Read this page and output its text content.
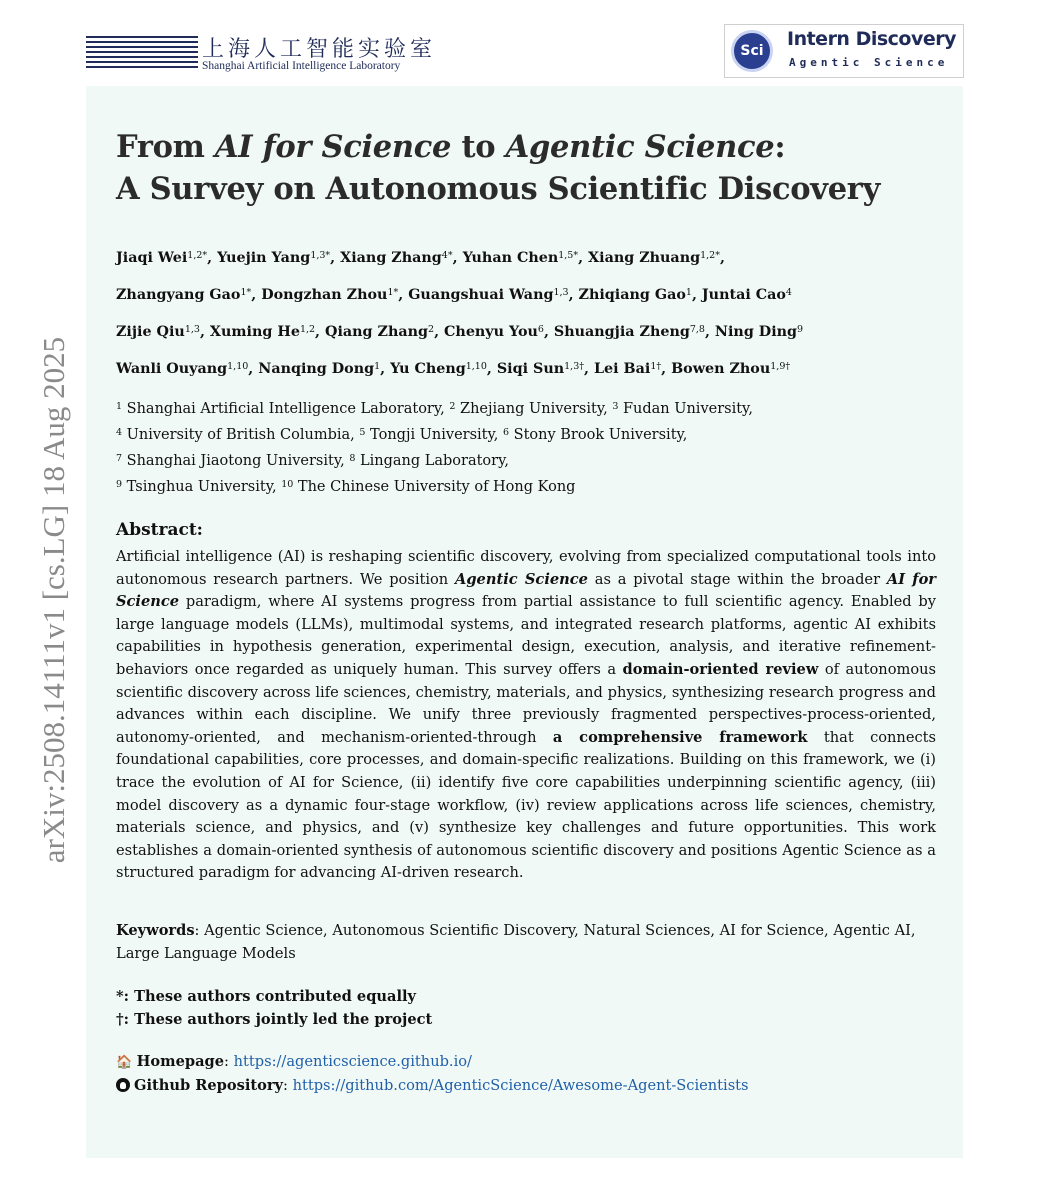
上海人工智能实验室
Shanghai Artificial Intelligence Laboratory
Sci
Intern Discovery
Agentic Science
arXiv:2508.14111v1 [cs.LG] 18 Aug 2025
From AI for Science to Agentic Science:
A Survey on Autonomous Scientific Discovery
Jiaqi Wei$^{1,2*}$, Yuejin Yang$^{1,3*}$, Xiang Zhang$^{4*}$, Yuhan Chen$^{1,5*}$, Xiang Zhuang$^{1,2*}$,
Zhangyang Gao$^{1*}$, Dongzhan Zhou$^{1*}$, Guangshuai Wang$^{1,3}$, Zhiqiang Gao$^1$, Juntai Cao$^4$
Zijie Qiu$^{1,3}$, Xuming He$^{1,2}$, Qiang Zhang$^2$, Chenyu You$^6$, Shuangjia Zheng$^{7,8}$, Ning Ding$^9$
Wanli Ouyang$^{1,10}$, Nanqing Dong$^1$, Yu Cheng$^{1,10}$, Siqi Sun$^{1,3\dagger}$, Lei Bai$^{1\dagger}$, Bowen Zhou$^{1,9\dagger}$
$^1$ Shanghai Artificial Intelligence Laboratory, $^2$ Zhejiang University, $^3$ Fudan University,
$^4$ University of British Columbia, $^5$ Tongji University, $^6$ Stony Brook University,
$^7$ Shanghai Jiaotong University, $^8$ Lingang Laboratory,
$^9$ Tsinghua University, $^{10}$ The Chinese University of Hong Kong
Abstract:
Artificial intelligence (AI) is reshaping scientific discovery, evolving from specialized computational tools into autonomous research partners. We position Agentic Science as a pivotal stage within the broader AI for Science paradigm, where AI systems progress from partial assistance to full scientific agency. Enabled by large language models (LLMs), multimodal systems, and integrated research platforms, agentic AI exhibits capabilities in hypothesis generation, experimental design, execution, analysis, and iterative refinement-behaviors once regarded as uniquely human. This survey offers a domain-oriented review of autonomous scientific discovery across life sciences, chemistry, materials, and physics, synthesizing research progress and advances within each discipline. We unify three previously fragmented perspectives-process-oriented, autonomy-oriented, and mechanism-oriented-through a comprehensive framework that connects foundational capabilities, core processes, and domain-specific realizations. Building on this framework, we (i) trace the evolution of AI for Science, (ii) identify five core capabilities underpinning scientific agency, (iii) model discovery as a dynamic four-stage workflow, (iv) review applications across life sciences, chemistry, materials science, and physics, and (v) synthesize key challenges and future opportunities. This work establishes a domain-oriented synthesis of autonomous scientific discovery and positions Agentic Science as a structured paradigm for advancing AI-driven research.
Keywords: Agentic Science, Autonomous Scientific Discovery, Natural Sciences, AI for Science, Agentic AI, Large Language Models
*: These authors contributed equally
†: These authors jointly led the project
🏠 Homepage: https://agenticscience.github.io/
Github Repository: https://github.com/AgenticScience/Awesome-Agent-Scientists
